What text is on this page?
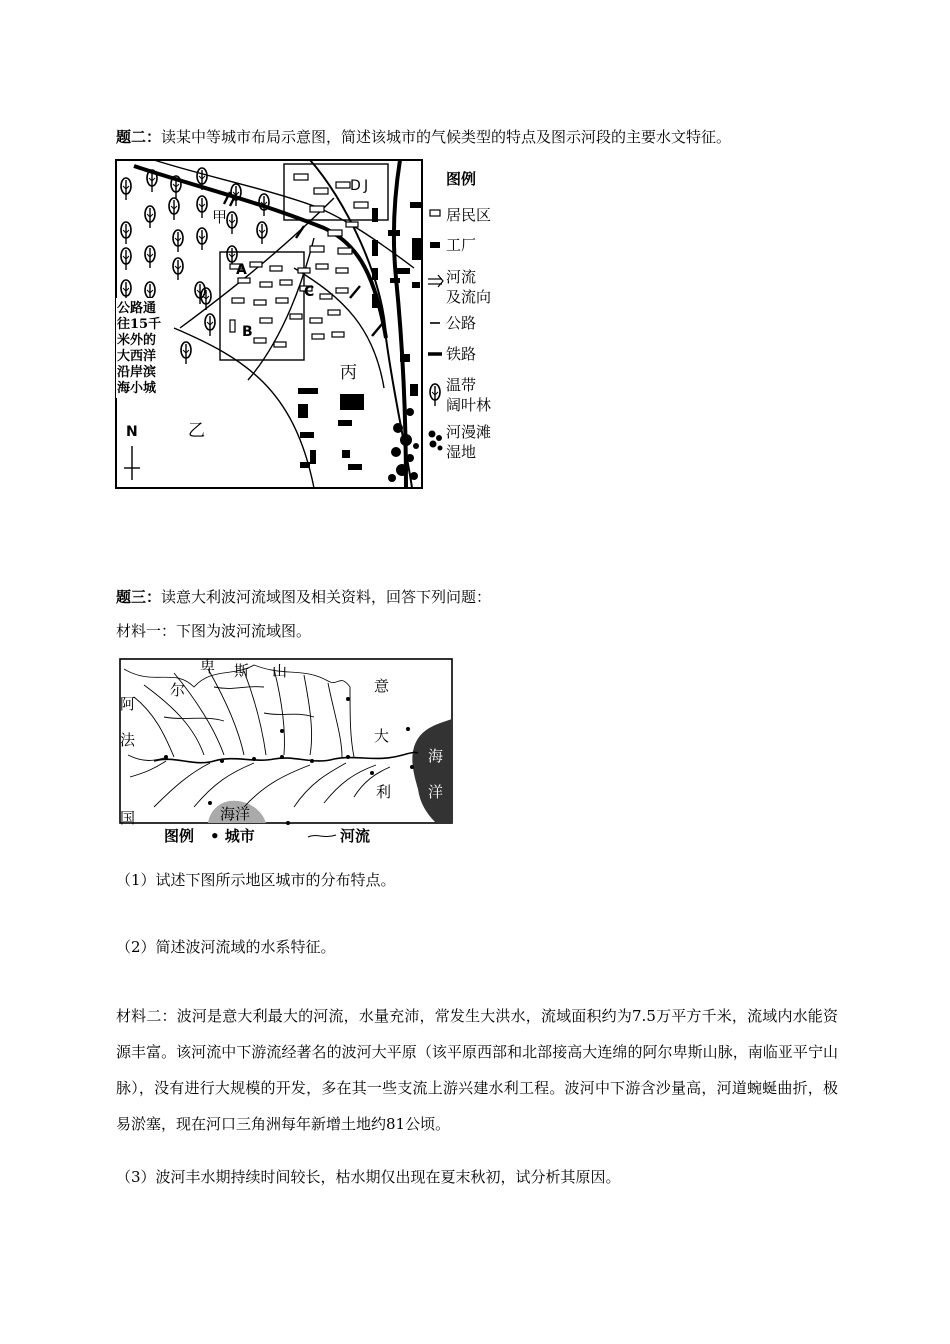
题二：读某中等城市布局示意图，简述该城市的气候类型的特点及图示河段的主要水文特征。
甲
A
B
C
D J
丙
乙
N
公路通
往15千
米外的
大西洋
沿岸滨
海小城
图例
居民区
工厂
河流
及流向
公路
铁路
温带
阔叶林
河漫滩
湿地
题三：读意大利波河流域图及相关资料，回答下列问题：
材料一：下图为波河流域图。
卑 斯 山
尔
阿
法
国
意
大
利
海
洋
海洋
图例 • 城市	河流
（1）试述下图所示地区城市的分布特点。
（2）简述波河流域的水系特征。
材料二：波河是意大利最大的河流，水量充沛，常发生大洪水，流域面积约为7.5万平方千米，流域内水能资源丰富。该河流中下游流经著名的波河大平原（该平原西部和北部接高大连绵的阿尔卑斯山脉，南临亚平宁山脉），没有进行大规模的开发，多在其一些支流上游兴建水利工程。波河中下游含沙量高，河道蜿蜒曲折，极易淤塞，现在河口三角洲每年新增土地约81公顷。
（3）波河丰水期持续时间较长，枯水期仅出现在夏末秋初，试分析其原因。
